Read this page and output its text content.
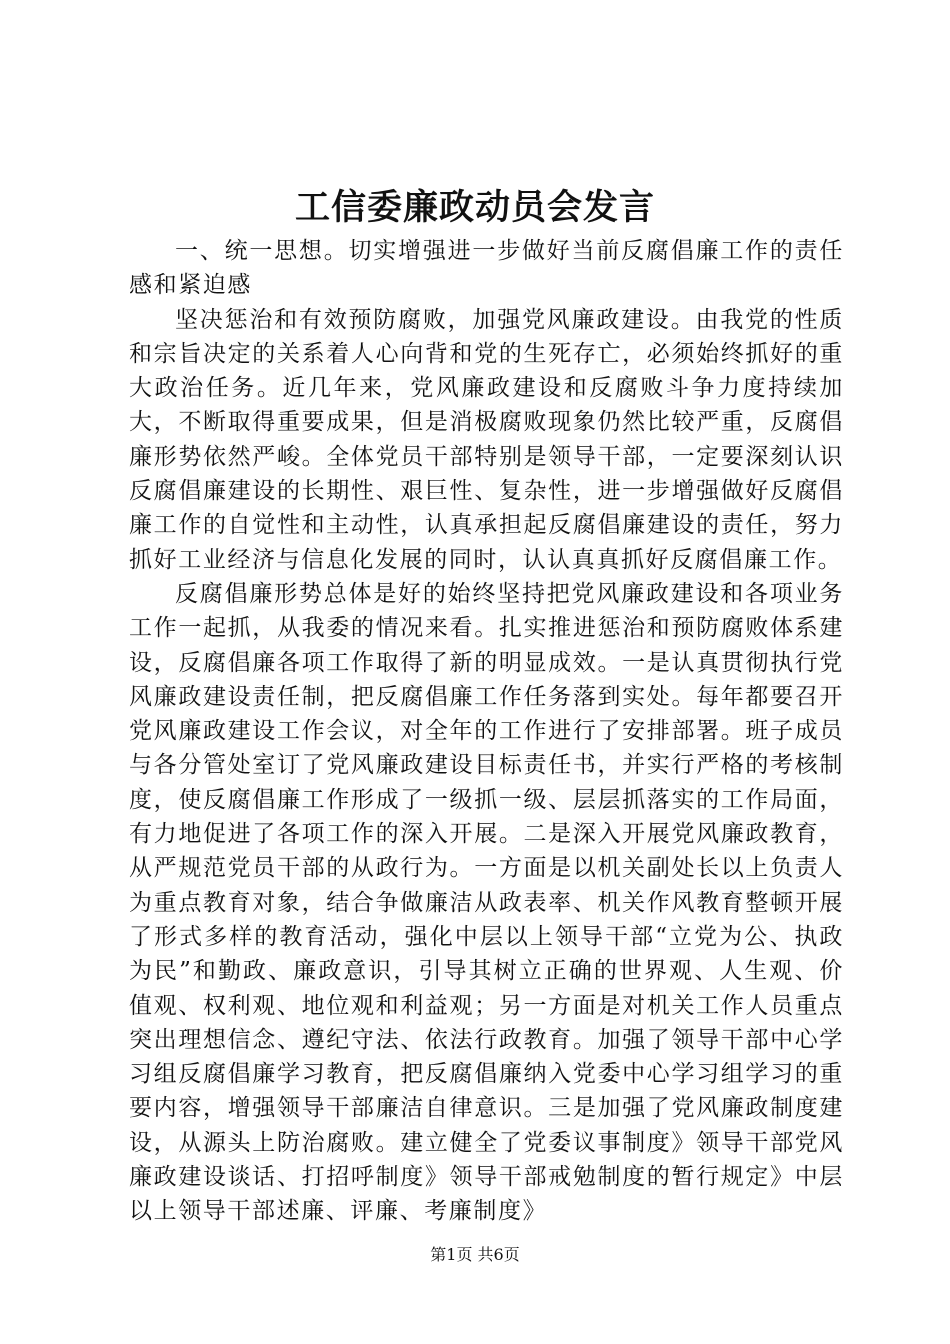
工信委廉政动员会发言

一、统一思想。切实增强进一步做好当前反腐倡廉工作的责任感和紧迫感

坚决惩治和有效预防腐败，加强党风廉政建设。由我党的性质和宗旨决定的关系着人心向背和党的生死存亡，必须始终抓好的重大政治任务。近几年来，党风廉政建设和反腐败斗争力度持续加大，不断取得重要成果，但是消极腐败现象仍然比较严重，反腐倡廉形势依然严峻。全体党员干部特别是领导干部，一定要深刻认识反腐倡廉建设的长期性、艰巨性、复杂性，进一步增强做好反腐倡廉工作的自觉性和主动性，认真承担起反腐倡廉建设的责任，努力抓好工业经济与信息化发展的同时，认认真真抓好反腐倡廉工作。

反腐倡廉形势总体是好的始终坚持把党风廉政建设和各项业务工作一起抓，从我委的情况来看。扎实推进惩治和预防腐败体系建设，反腐倡廉各项工作取得了新的明显成效。一是认真贯彻执行党风廉政建设责任制，把反腐倡廉工作任务落到实处。每年都要召开党风廉政建设工作会议，对全年的工作进行了安排部署。班子成员与各分管处室订了党风廉政建设目标责任书，并实行严格的考核制度，使反腐倡廉工作形成了一级抓一级、层层抓落实的工作局面，有力地促进了各项工作的深入开展。二是深入开展党风廉政教育，从严规范党员干部的从政行为。一方面是以机关副处长以上负责人为重点教育对象，结合争做廉洁从政表率、机关作风教育整顿开展了形式多样的教育活动，强化中层以上领导干部“立党为公、执政为民”和勤政、廉政意识，引导其树立正确的世界观、人生观、价值观、权利观、地位观和利益观；另一方面是对机关工作人员重点突出理想信念、遵纪守法、依法行政教育。加强了领导干部中心学习组反腐倡廉学习教育，把反腐倡廉纳入党委中心学习组学习的重要内容，增强领导干部廉洁自律意识。三是加强了党风廉政制度建设，从源头上防治腐败。建立健全了党委议事制度》领导干部党风廉政建设谈话、打招呼制度》领导干部戒勉制度的暂行规定》中层以上领导干部述廉、评廉、考廉制度》

第1页 共6页
